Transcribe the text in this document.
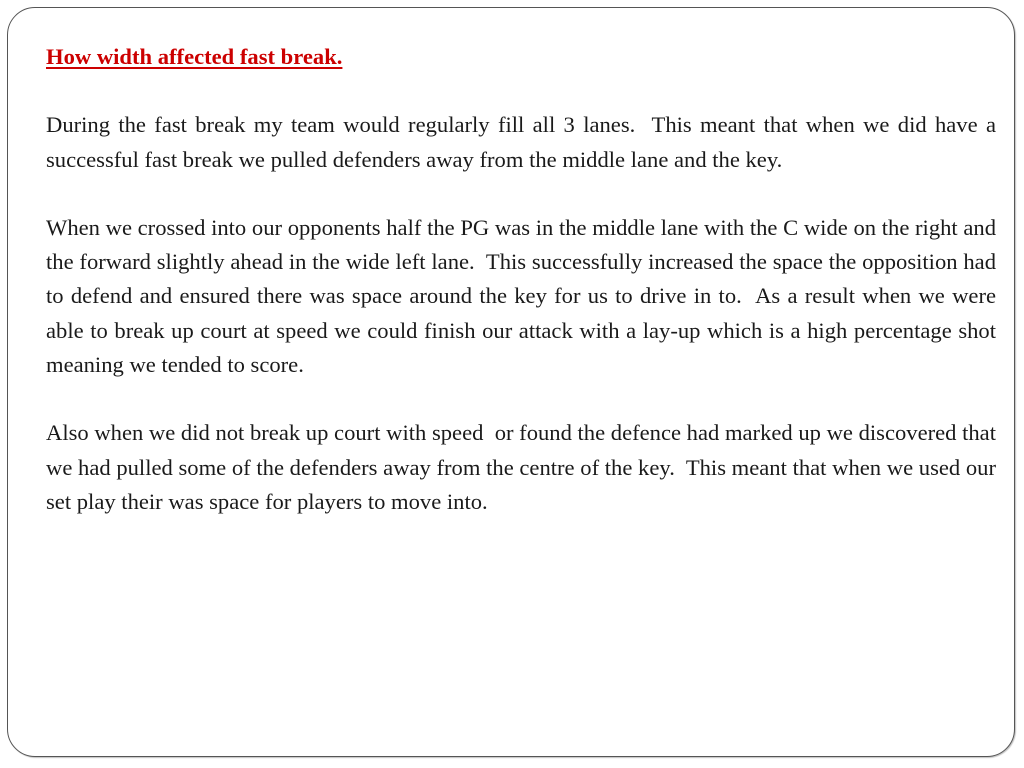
How width affected fast break.

During the fast break my team would regularly fill all 3 lanes.  This meant that when we did have a successful fast break we pulled defenders away from the middle lane and the key.

When we crossed into our opponents half the PG was in the middle lane with the C wide on the right and the forward slightly ahead in the wide left lane.  This successfully increased the space the opposition had to defend and ensured there was space around the key for us to drive in to.  As a result when we were able to break up court at speed we could finish our attack with a lay-up which is a high percentage shot meaning we tended to score.

Also when we did not break up court with speed  or found the defence had marked up we discovered that we had pulled some of the defenders away from the centre of the key.  This meant that when we used our set play their was space for players to move into.
